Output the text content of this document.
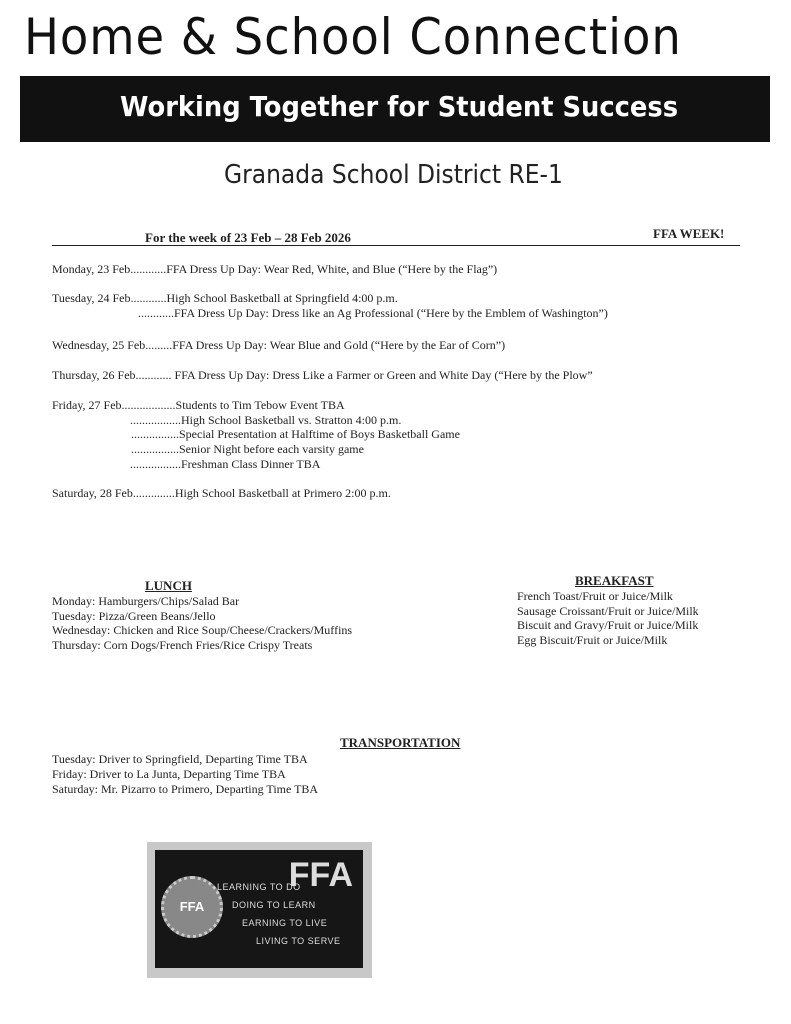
Home & School Connection
Working Together for Student Success
Granada School District RE-1
For the week of 23 Feb – 28 Feb 2026	FFA WEEK!
Monday, 23 Feb............FFA Dress Up Day: Wear Red, White, and Blue (“Here by the Flag”)
Tuesday, 24 Feb............High School Basketball at Springfield 4:00 p.m.
............FFA Dress Up Day: Dress like an Ag Professional (“Here by the Emblem of Washington”)
Wednesday, 25 Feb.........FFA Dress Up Day: Wear Blue and Gold (“Here by the Ear of Corn”)
Thursday, 26 Feb............ FFA Dress Up Day: Dress Like a Farmer or Green and White Day (“Here by the Plow”
Friday, 27 Feb..................Students to Tim Tebow Event TBA
.................High School Basketball vs. Stratton 4:00 p.m.
................Special Presentation at Halftime of Boys Basketball Game
................Senior Night before each varsity game
.................Freshman Class Dinner TBA
Saturday, 28 Feb..............High School Basketball at Primero 2:00 p.m.
LUNCH
Monday: Hamburgers/Chips/Salad Bar
Tuesday: Pizza/Green Beans/Jello
Wednesday: Chicken and Rice Soup/Cheese/Crackers/Muffins
Thursday: Corn Dogs/French Fries/Rice Crispy Treats
BREAKFAST
French Toast/Fruit or Juice/Milk
Sausage Croissant/Fruit or Juice/Milk
Biscuit and Gravy/Fruit or Juice/Milk
Egg Biscuit/Fruit or Juice/Milk
TRANSPORTATION
Tuesday: Driver to Springfield, Departing Time TBA
Friday: Driver to La Junta, Departing Time TBA
Saturday: Mr. Pizarro to Primero, Departing Time TBA
FFA
FFA
LEARNING TO DO
DOING TO LEARN
EARNING TO LIVE
LIVING TO SERVE
